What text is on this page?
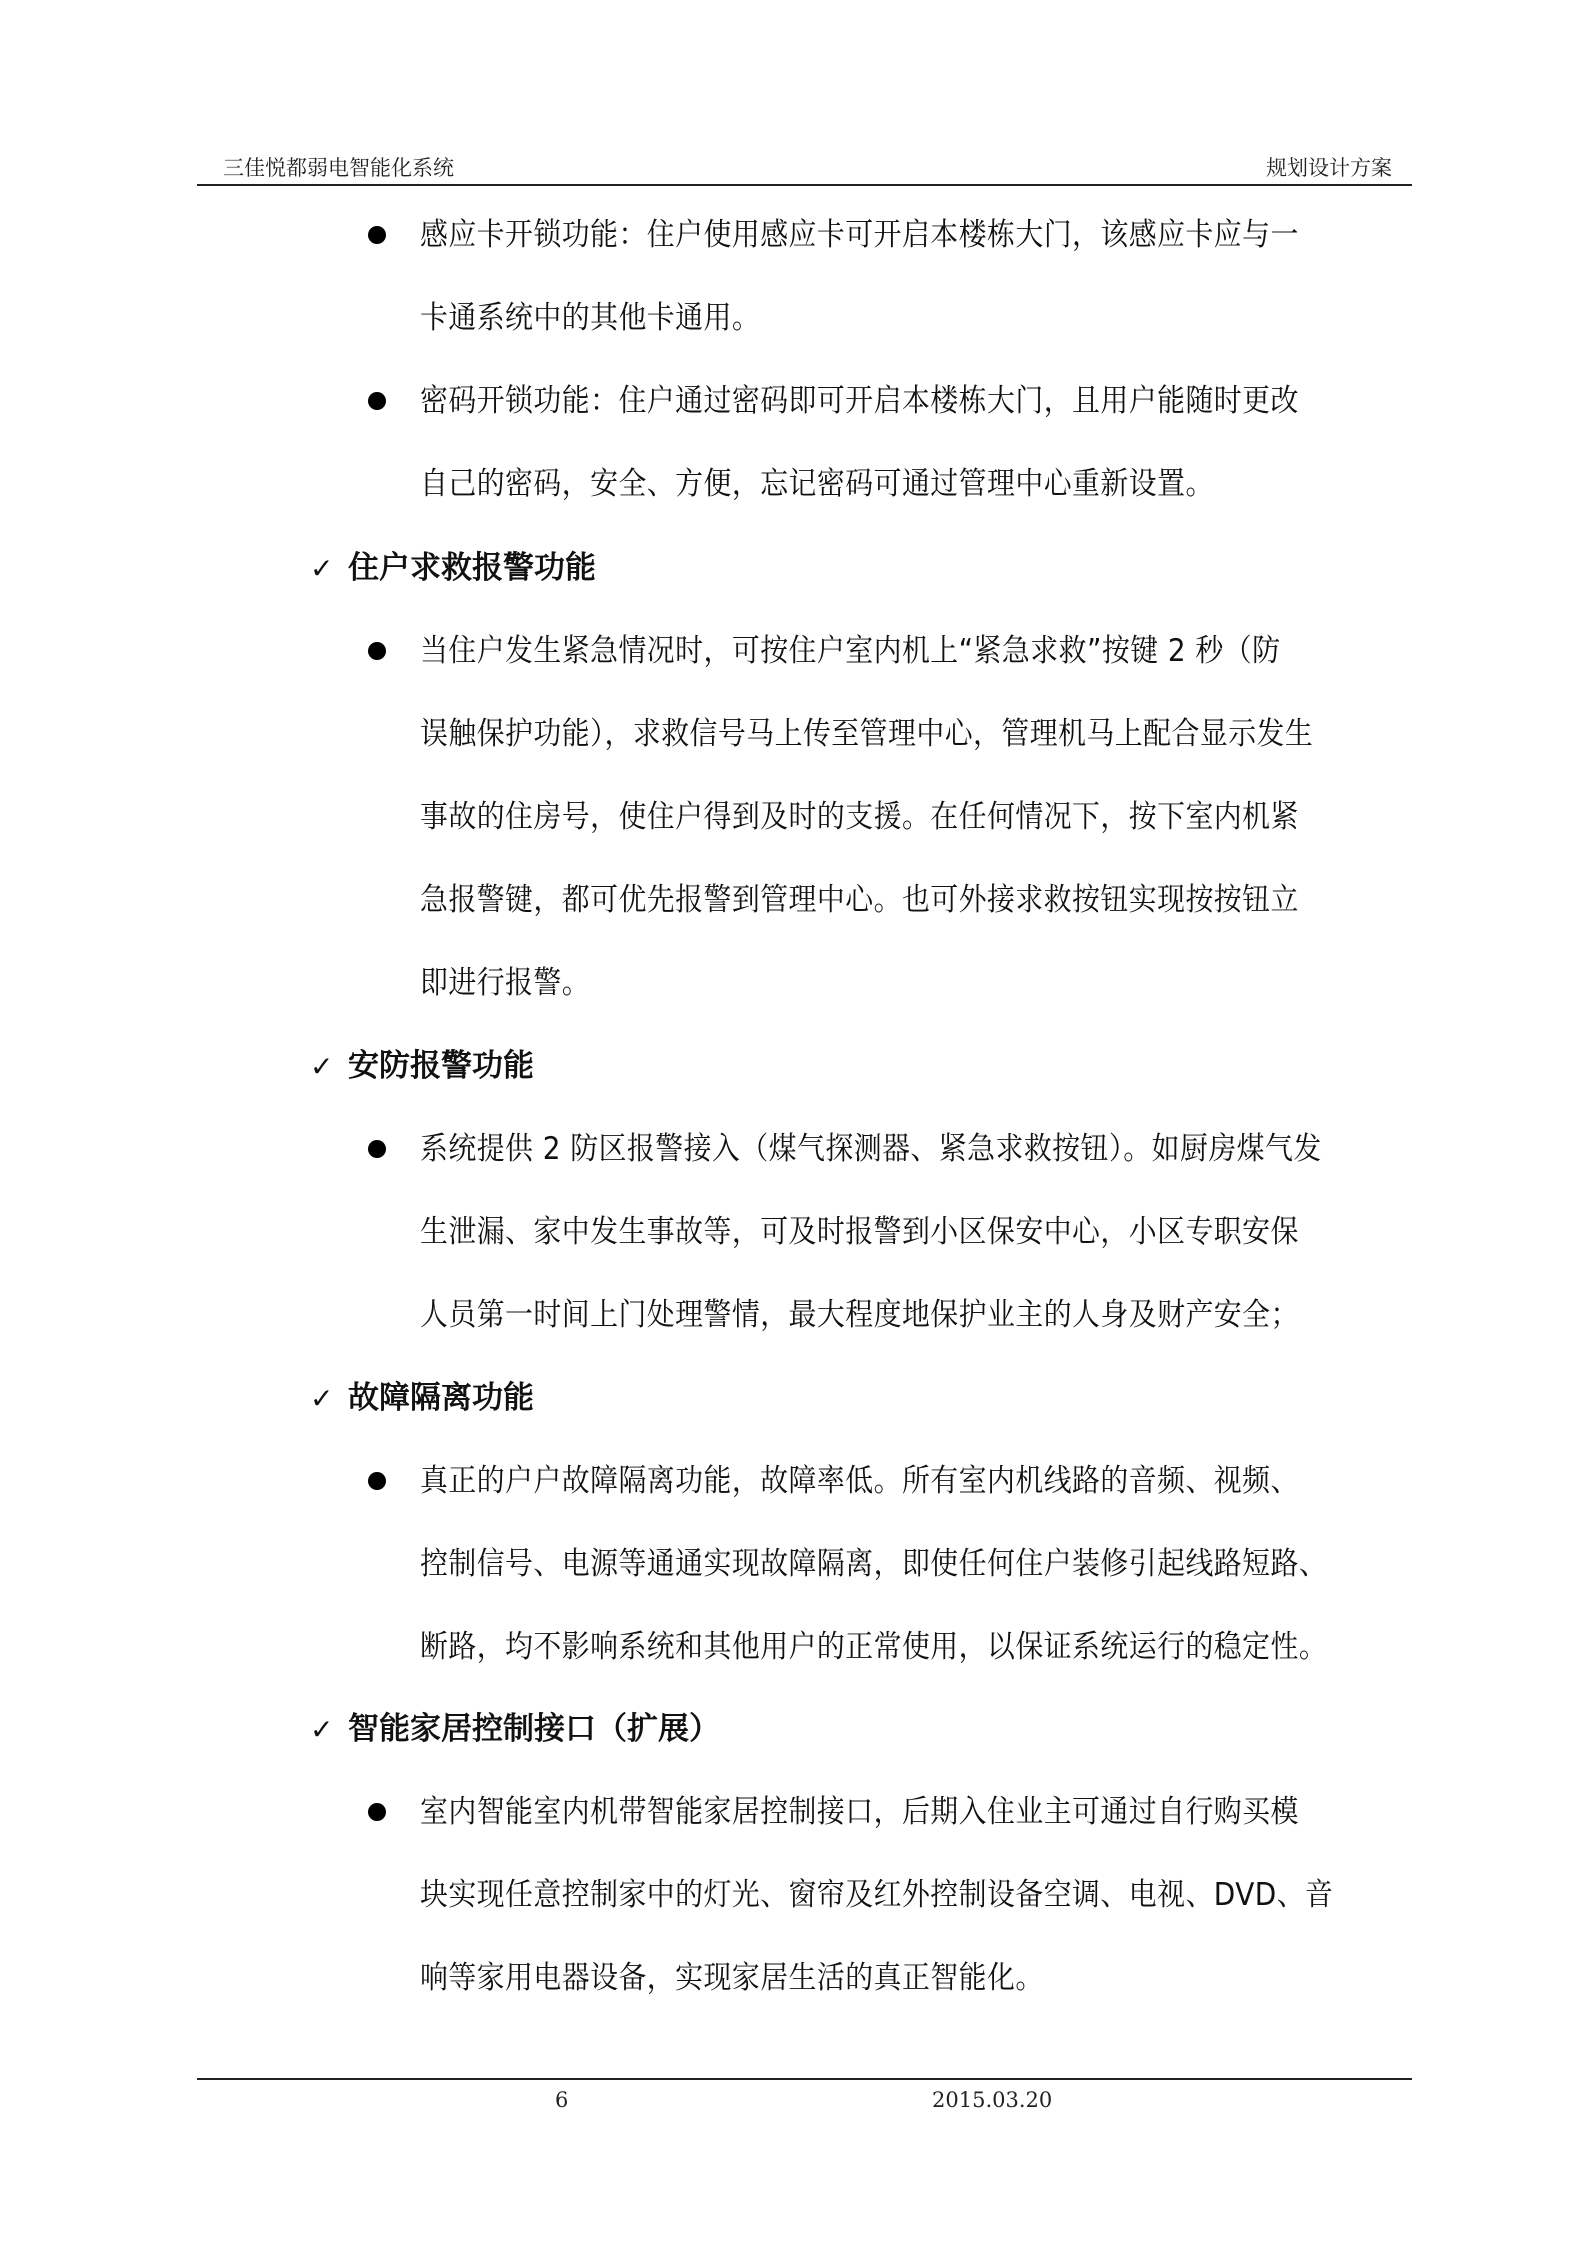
三佳悦都弱电智能化系统	规划设计方案
感应卡开锁功能：住户使用感应卡可开启本楼栋大门，该感应卡应与一
卡通系统中的其他卡通用。
密码开锁功能：住户通过密码即可开启本楼栋大门，且用户能随时更改
自己的密码，安全、方便，忘记密码可通过管理中心重新设置。
✓ 住户求救报警功能
当住户发生紧急情况时，可按住户室内机上“紧急求救”按键 2 秒（防
误触保护功能），求救信号马上传至管理中心，管理机马上配合显示发生
事故的住房号，使住户得到及时的支援。在任何情况下，按下室内机紧
急报警键，都可优先报警到管理中心。也可外接求救按钮实现按按钮立
即进行报警。
✓ 安防报警功能
系统提供 2 防区报警接入（煤气探测器、紧急求救按钮）。如厨房煤气发
生泄漏、家中发生事故等，可及时报警到小区保安中心，小区专职安保
人员第一时间上门处理警情，最大程度地保护业主的人身及财产安全；
✓ 故障隔离功能
真正的户户故障隔离功能，故障率低。所有室内机线路的音频、视频、
控制信号、电源等通通实现故障隔离，即使任何住户装修引起线路短路、
断路，均不影响系统和其他用户的正常使用，以保证系统运行的稳定性。
✓ 智能家居控制接口（扩展）
室内智能室内机带智能家居控制接口，后期入住业主可通过自行购买模
块实现任意控制家中的灯光、窗帘及红外控制设备空调、电视、DVD、音
响等家用电器设备，实现家居生活的真正智能化。
6	2015.03.20
